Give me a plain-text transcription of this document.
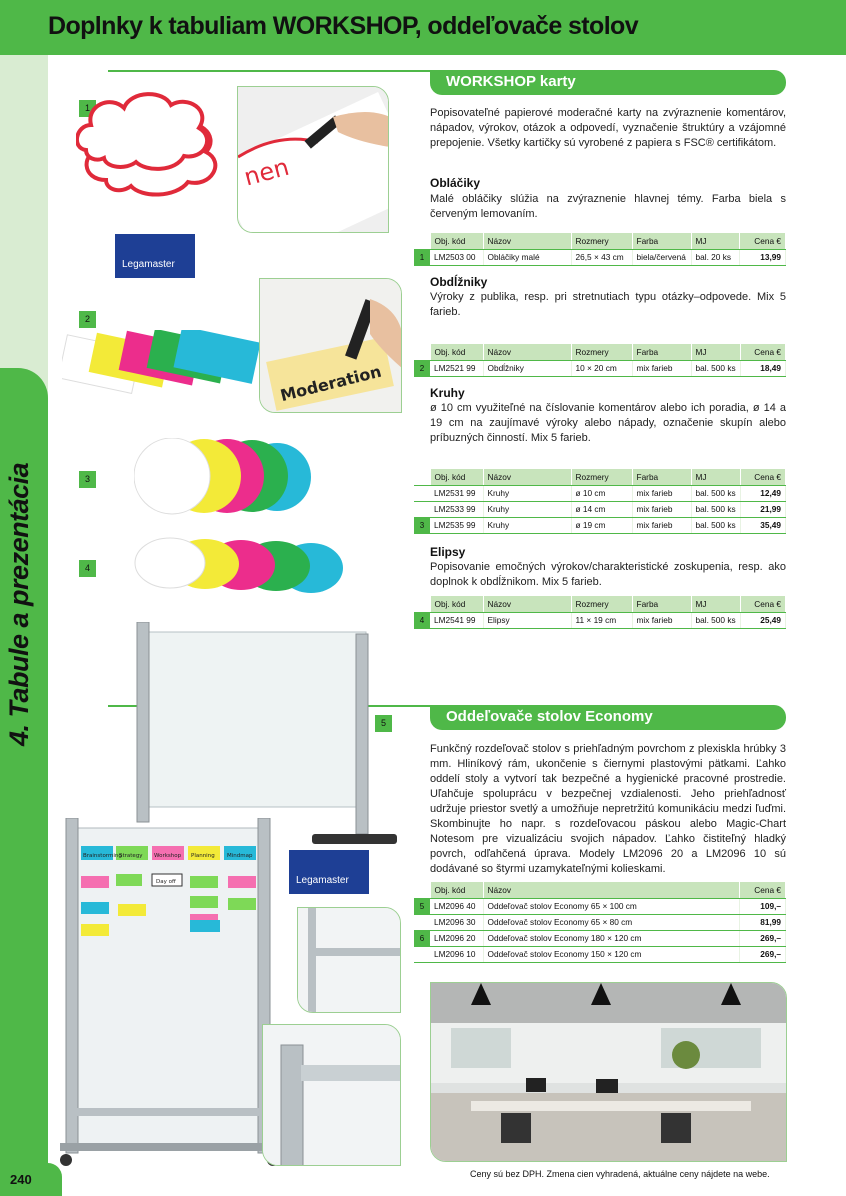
Doplnky k tabuliam WORKSHOP, oddeľovače stolov
4. Tabule a prezentácia
240
WORKSHOP karty
1
2
3
4
5
nen
Legamaster
Moderation
Popisovateľné papierové moderačné karty na zvýraznenie komentárov, nápadov, výrokov, otázok a odpovedí, vyznačenie štruktúry a vzájomné prepojenie. Všetky kartičky sú vyrobené z papiera s FSC® certifikátom.
Obláčiky
Malé obláčiky slúžia na zvýraznenie hlavnej témy. Farba biela s červeným lemovaním.
	Obj. kód	Názov	Rozmery	Farba	MJ	Cena €
1	LM2503 00	Obláčiky malé	26,5 × 43 cm	biela/červená	bal. 20 ks	13,99
Obdĺžniky
Výroky z publika, resp. pri stretnutiach typu otázky–odpovede. Mix 5 farieb.
	Obj. kód	Názov	Rozmery	Farba	MJ	Cena €
2	LM2521 99	Obdĺžniky	10 × 20 cm	mix farieb	bal. 500 ks	18,49
Kruhy
ø 10 cm využiteľné na číslovanie komentárov alebo ich poradia, ø 14 a 19 cm na zaujímavé výroky alebo nápady, označenie skupín alebo príbuzných činností. Mix 5 farieb.
	Obj. kód	Názov	Rozmery	Farba	MJ	Cena €
	LM2531 99	Kruhy	ø 10 cm	mix farieb	bal. 500 ks	12,49
	LM2533 99	Kruhy	ø 14 cm	mix farieb	bal. 500 ks	21,99
3	LM2535 99	Kruhy	ø 19 cm	mix farieb	bal. 500 ks	35,49
Elipsy
Popisovanie emočných výrokov/charakteristické zoskupenia, resp. ako doplnok k obdĺžnikom. Mix 5 farieb.
	Obj. kód	Názov	Rozmery	Farba	MJ	Cena €
4	LM2541 99	Elipsy	11 × 19 cm	mix farieb	bal. 500 ks	25,49
Oddeľovače stolov Economy
Brainstorming
Strategy Workshop Planning Mindmap
Day off	Legamaster
Funkčný rozdeľovač stolov s priehľadným povrchom z plexiskla hrúbky 3 mm. Hliníkový rám, ukončenie s čiernymi plastovými pätkami. Ľahko oddelí stoly a vytvorí tak bezpečné a hygienické pracovné prostredie. Uľahčuje spoluprácu v bezpečnej vzdialenosti. Jeho priehľadnosť udržuje priestor svetlý a umožňuje nepretržitú komunikáciu medzi ľuďmi. Skombinujte ho napr. s rozdeľovacou páskou alebo Magic-Chart Notesom pre vizualizáciu svojich nápadov. Ľahko čistiteľný hladký povrch, odľahčená úprava. Modely LM2096 20 a LM2096 10 sú dodávané so štyrmi uzamykateľnými kolieskami.
	Obj. kód	Názov	Cena €
5	LM2096 40	Oddeľovač stolov Economy 65 × 100 cm	109,–
	LM2096 30	Oddeľovač stolov Economy 65 × 80 cm	81,99
6	LM2096 20	Oddeľovač stolov Economy 180 × 120 cm	269,–
	LM2096 10	Oddeľovač stolov Economy 150 × 120 cm	269,–
Ceny sú bez DPH. Zmena cien vyhradená, aktuálne ceny nájdete na webe.
